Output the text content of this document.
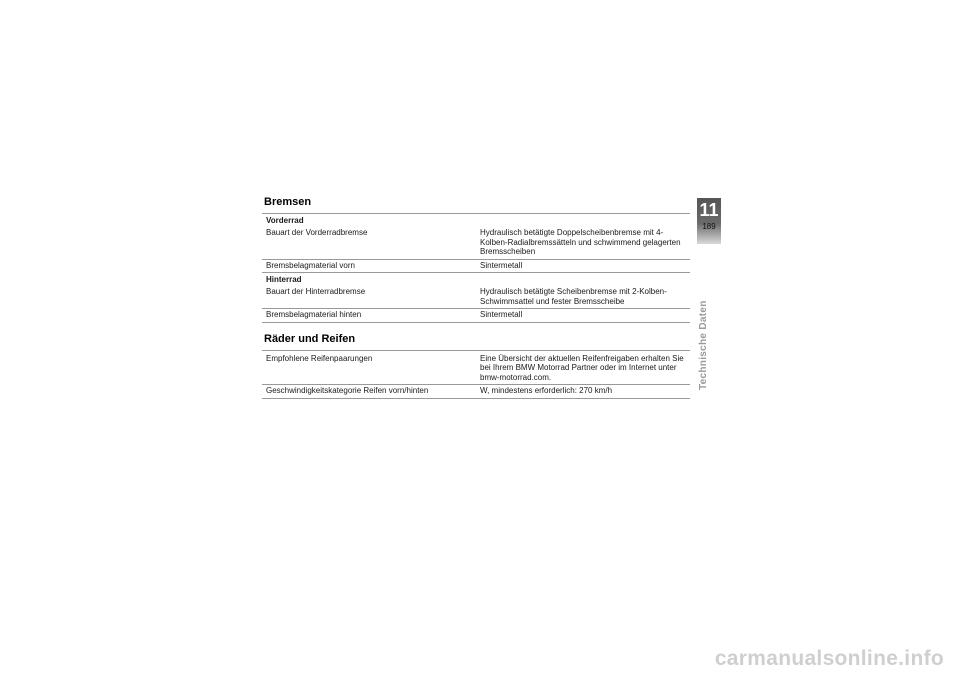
Bremsen
Vorderrad
Bauart der Vorderradbremse	Hydraulisch betätigte Doppelscheibenbremse mit 4-Kolben-Radialbremssätteln und schwimmend gelagerten Bremsscheiben
Bremsbelagmaterial vorn	Sintermetall
Hinterrad
Bauart der Hinterradbremse	Hydraulisch betätigte Scheibenbremse mit 2-Kolben-Schwimmsattel und fester Bremsscheibe
Bremsbelagmaterial hinten	Sintermetall
Räder und Reifen
Empfohlene Reifenpaarungen	Eine Übersicht der aktuellen Reifenfreigaben erhalten Sie bei Ihrem BMW Motorrad Partner oder im Internet unter bmw-motorrad.com.
Geschwindigkeitskategorie Reifen vorn/hinten	W, mindestens erforderlich: 270 km/h
11
189
Technische Daten
carmanualsonline.info
